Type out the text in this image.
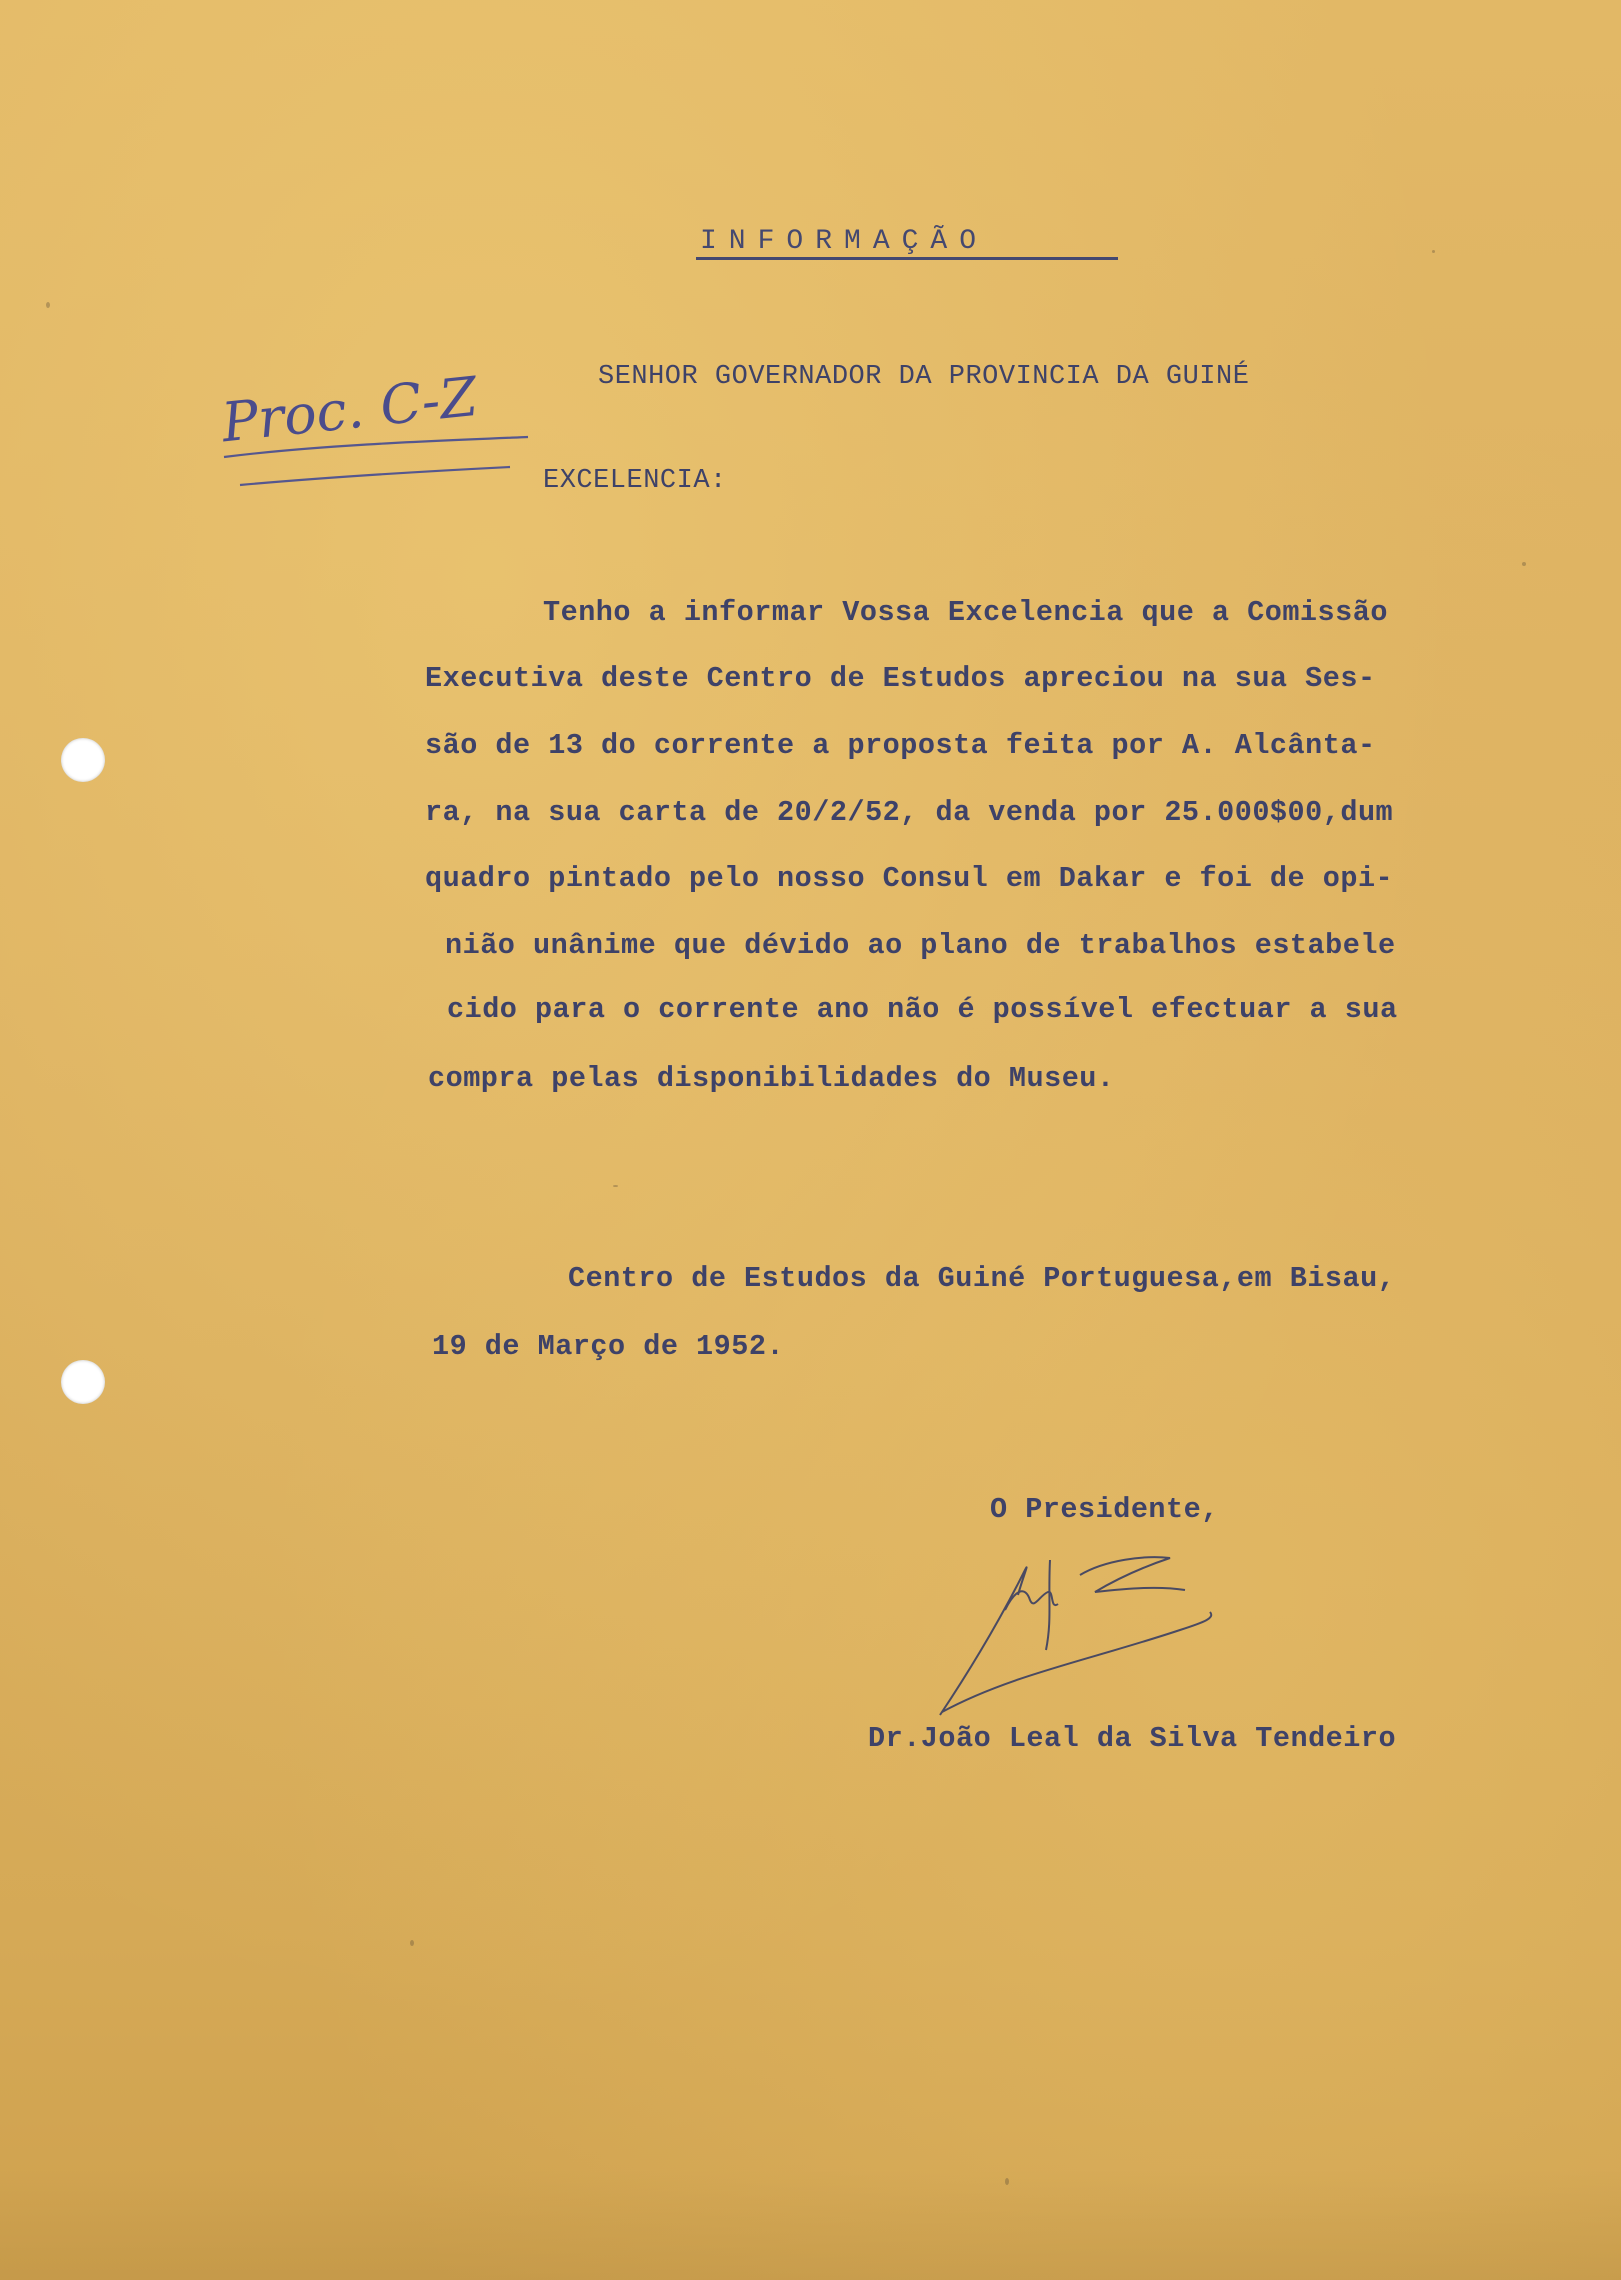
INFORMAÇÃO
Proc. C-Z	SENHOR GOVERNADOR DA PROVINCIA DA GUINÉ
EXCELENCIA:
Tenho a informar Vossa Excelencia que a Comissão
Executiva deste Centro de Estudos apreciou na sua Ses-
são de 13 do corrente a proposta feita por A. Alcânta-
ra, na sua carta de 20/2/52, da venda por 25.000$00,dum
quadro pintado pelo nosso Consul em Dakar e foi de opi-
nião unânime que dévido ao plano de trabalhos estabele
cido para o corrente ano não é possível efectuar a sua
compra pelas disponibilidades do Museu.
Centro de Estudos da Guiné Portuguesa,em Bisau,
19 de Março de 1952.
O Presidente,
Dr.João Leal da Silva Tendeiro
